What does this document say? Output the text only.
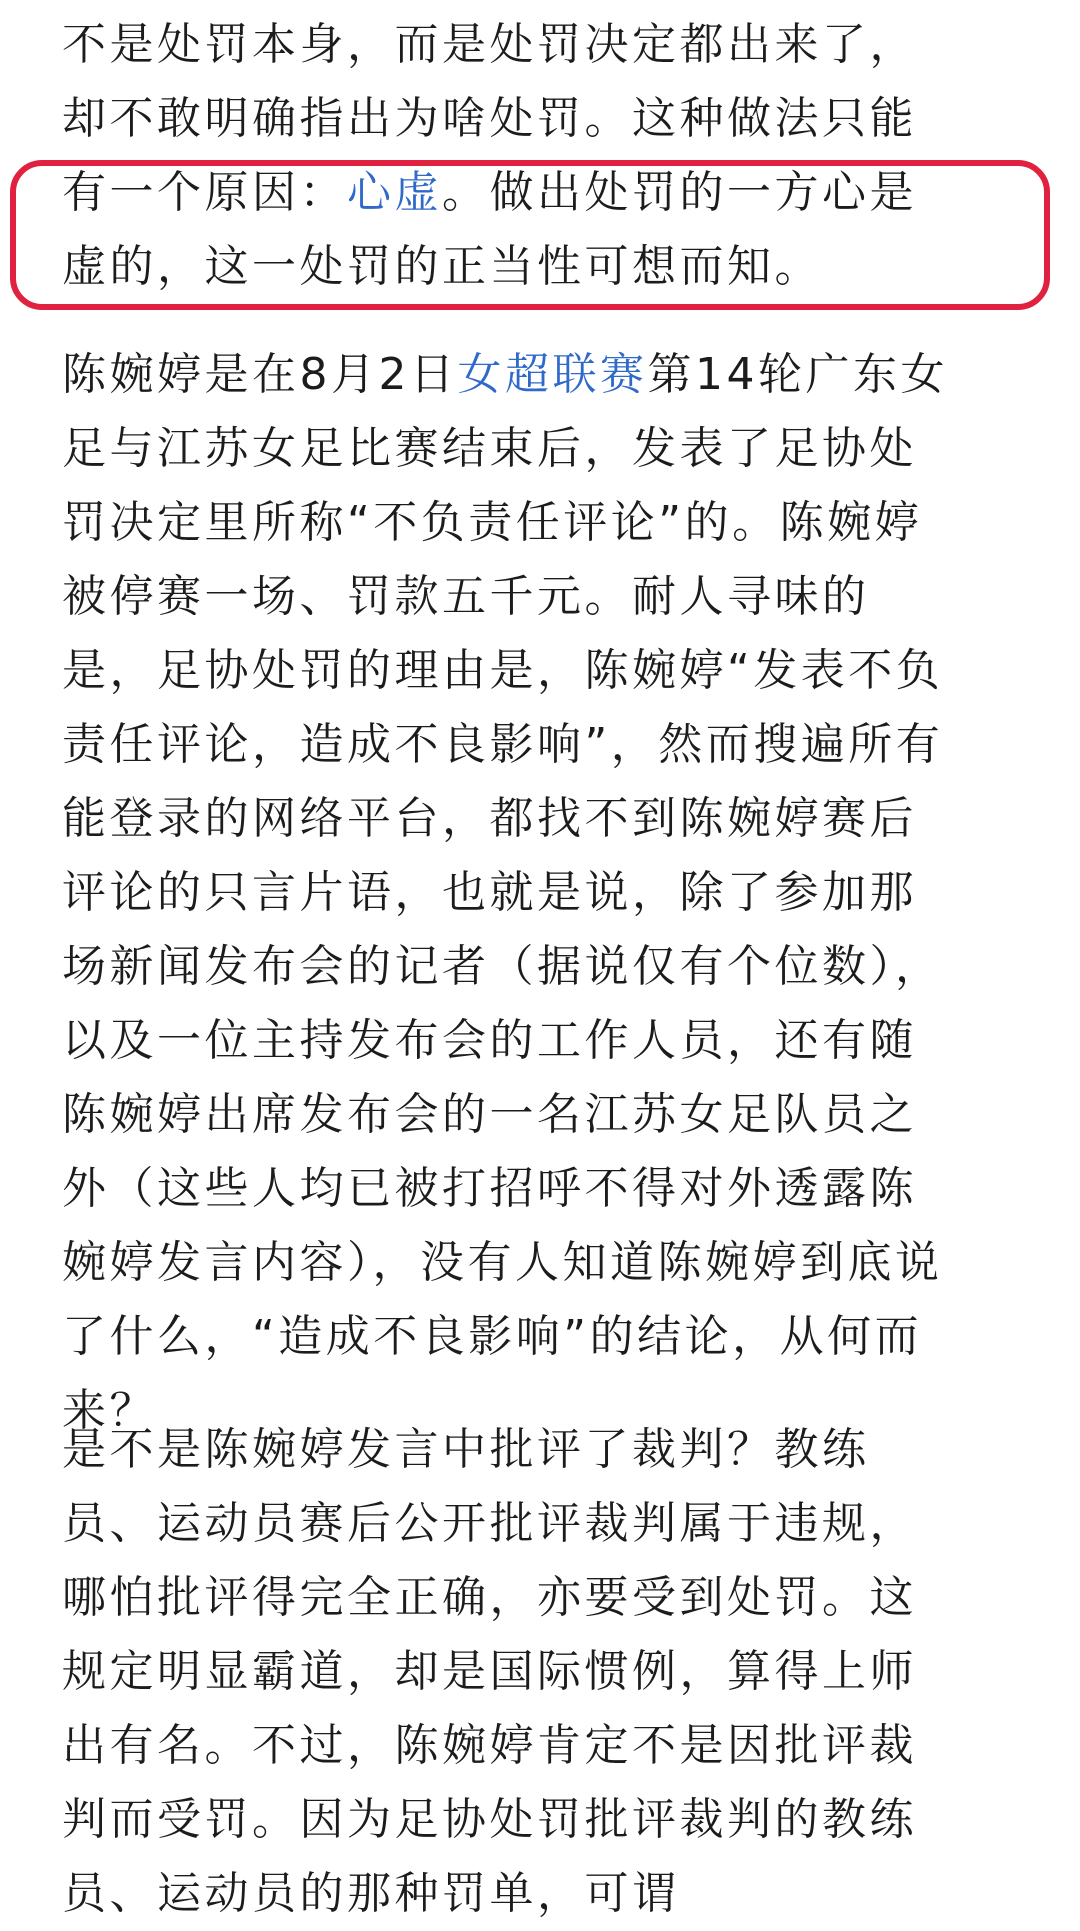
不是处罚本身，而是处罚决定都出来了，却不敢明确指出为啥处罚。这种做法只能有一个原因：心虚。做出处罚的一方心是虚的，这一处罚的正当性可想而知。

陈婉婷是在8月2日女超联赛第14轮广东女足与江苏女足比赛结束后，发表了足协处罚决定里所称“不负责任评论”的。陈婉婷被停赛一场、罚款五千元。耐人寻味的是，足协处罚的理由是，陈婉婷“发表不负责任评论，造成不良影响”，然而搜遍所有能登录的网络平台，都找不到陈婉婷赛后评论的只言片语，也就是说，除了参加那场新闻发布会的记者（据说仅有个位数），以及一位主持发布会的工作人员，还有随陈婉婷出席发布会的一名江苏女足队员之外（这些人均已被打招呼不得对外透露陈婉婷发言内容），没有人知道陈婉婷到底说了什么，“造成不良影响”的结论，从何而来？

是不是陈婉婷发言中批评了裁判？教练员、运动员赛后公开批评裁判属于违规，哪怕批评得完全正确，亦要受到处罚。这规定明显霸道，却是国际惯例，算得上师出有名。不过，陈婉婷肯定不是因批评裁判而受罚。因为足协处罚批评裁判的教练员、运动员的那种罚单，可谓
